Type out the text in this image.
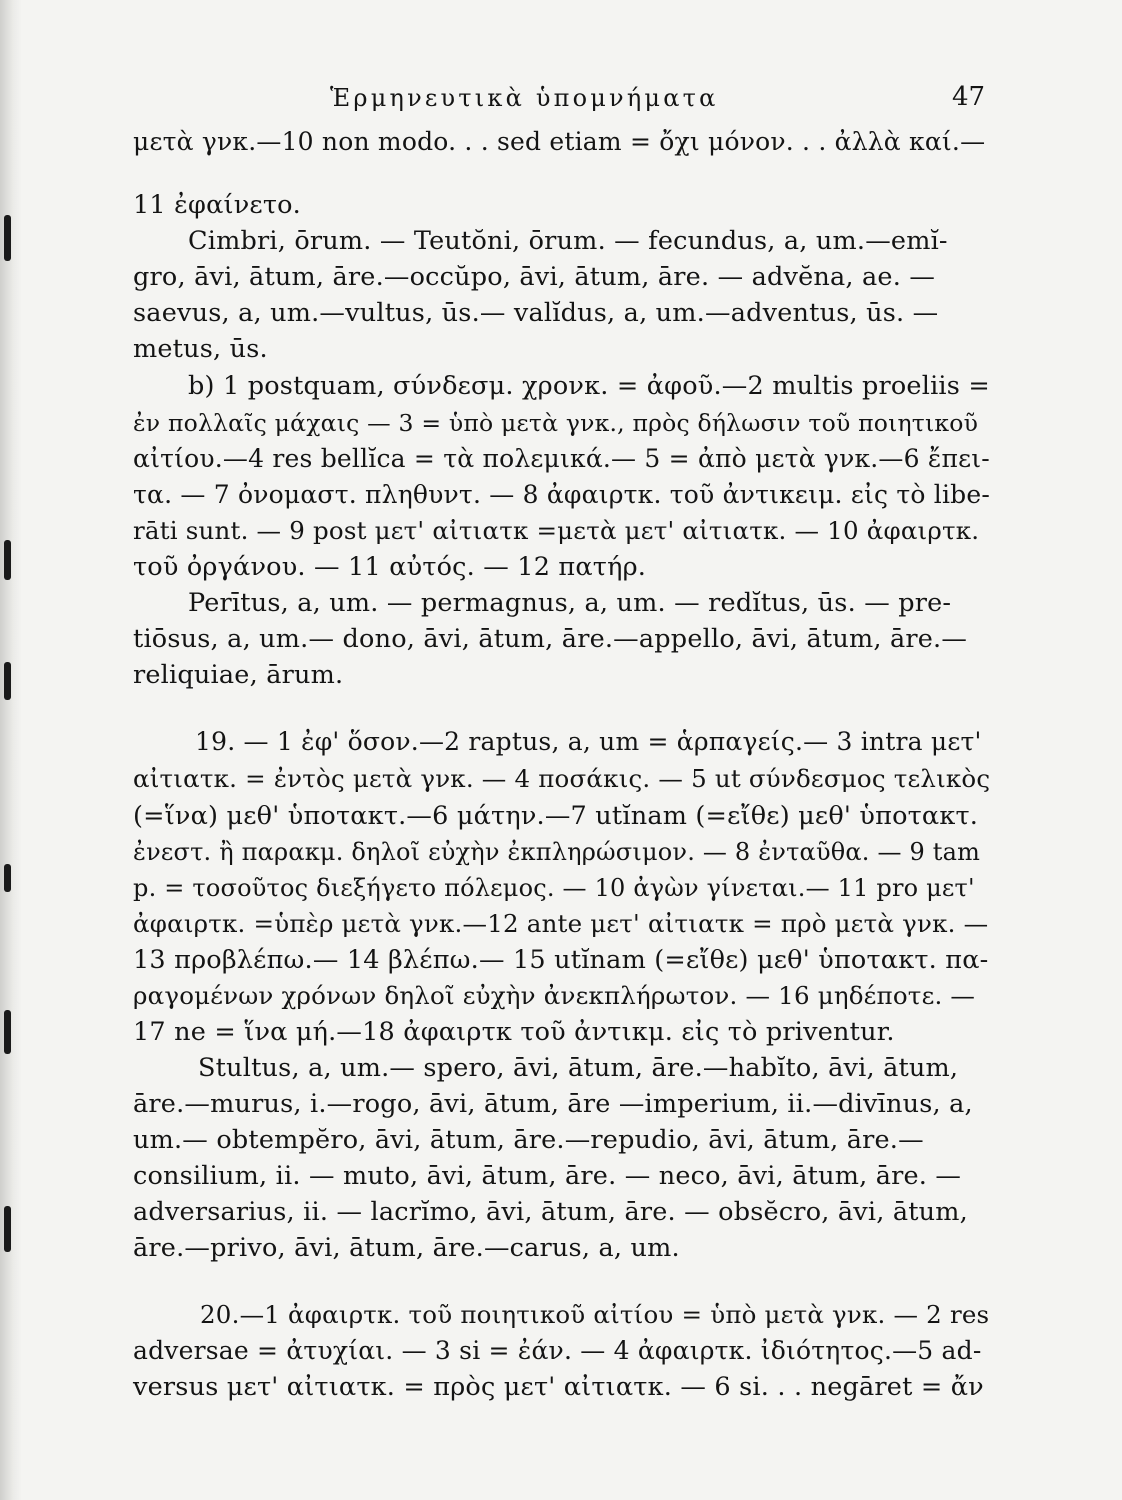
Ἑρμηνευτικὰ ὑπομνήματα	47
μετὰ γνκ.—10 non modo. . . sed etiam = ὄχι μόνον. . . ἀλλὰ καί.—
11 ἐφαίνετο.
Cimbri, ōrum. — Teutŏni, ōrum. — fecundus, a, um.—emĭ-
gro, āvi, ātum, āre.—occŭpo, āvi, ātum, āre. — advĕna, ae. —
saevus, a, um.—vultus, ūs.— valĭdus, a, um.—adventus, ūs. —
metus, ūs.
b) 1 postquam, σύνδεσμ. χρονκ. = ἀφοῦ.—2 multis proeliis =
ἐν πολλαῖς μάχαις — 3 = ὑπὸ μετὰ γνκ., πρὸς δήλωσιν τοῦ ποιητικοῦ
αἰτίου.—4 res bellĭca = τὰ πολεμικά.— 5 = ἀπὸ μετὰ γνκ.—6 ἔπει-
τα. — 7 ὀνομαστ. πληθυντ. — 8 ἀφαιρτκ. τοῦ ἀντικειμ. εἰς τὸ libe-
rāti sunt. — 9 post μετ' αἰτιατκ =μετὰ μετ' αἰτιατκ. — 10 ἀφαιρτκ.
τοῦ ὀργάνου. — 11 αὐτός. — 12 πατήρ.
Perītus, a, um. — permagnus, a, um. — redĭtus, ūs. — pre-
tiōsus, a, um.— dono, āvi, ātum, āre.—appello, āvi, ātum, āre.—
reliquiae, ārum.
19. — 1 ἐφ' ὅσον.—2 raptus, a, um = ἁρπαγείς.— 3 intra μετ'
αἰτιατκ. = ἐντὸς μετὰ γνκ. — 4 ποσάκις. — 5 ut σύνδεσμος τελικὸς
(=ἵνα) μεθ' ὑποτακτ.—6 μάτην.—7 utĭnam (=εἴθε) μεθ' ὑποτακτ.
ἐνεστ. ἢ παρακμ. δηλοῖ εὐχὴν ἐκπληρώσιμον. — 8 ἐνταῦθα. — 9 tam
p. = τοσοῦτος διεξήγετο πόλεμος. — 10 ἀγὼν γίνεται.— 11 pro μετ'
ἀφαιρτκ. =ὑπὲρ μετὰ γνκ.—12 ante μετ' αἰτιατκ = πρὸ μετὰ γνκ. —
13 προβλέπω.— 14 βλέπω.— 15 utĭnam (=εἴθε) μεθ' ὑποτακτ. πα-
ραγομένων χρόνων δηλοῖ εὐχὴν ἀνεκπλήρωτον. — 16 μηδέποτε. —
17 ne = ἵνα μή.—18 ἀφαιρτκ τοῦ ἀντικμ. εἰς τὸ priventur.
Stultus, a, um.— spero, āvi, ātum, āre.—habĭto, āvi, ātum,
āre.—murus, i.—rogo, āvi, ātum, āre —imperium, ii.—divīnus, a,
um.— obtempĕro, āvi, ātum, āre.—repudio, āvi, ātum, āre.—
consilium, ii. — muto, āvi, ātum, āre. — neco, āvi, ātum, āre. —
adversarius, ii. — lacrĭmo, āvi, ātum, āre. — obsĕcro, āvi, ātum,
āre.—privo, āvi, ātum, āre.—carus, a, um.
20.—1 ἀφαιρτκ. τοῦ ποιητικοῦ αἰτίου = ὑπὸ μετὰ γνκ. — 2 res
adversae = ἀτυχίαι. — 3 si = ἐάν. — 4 ἀφαιρτκ. ἰδιότητος.—5 ad-
versus μετ' αἰτιατκ. = πρὸς μετ' αἰτιατκ. — 6 si. . . negāret = ἄν
